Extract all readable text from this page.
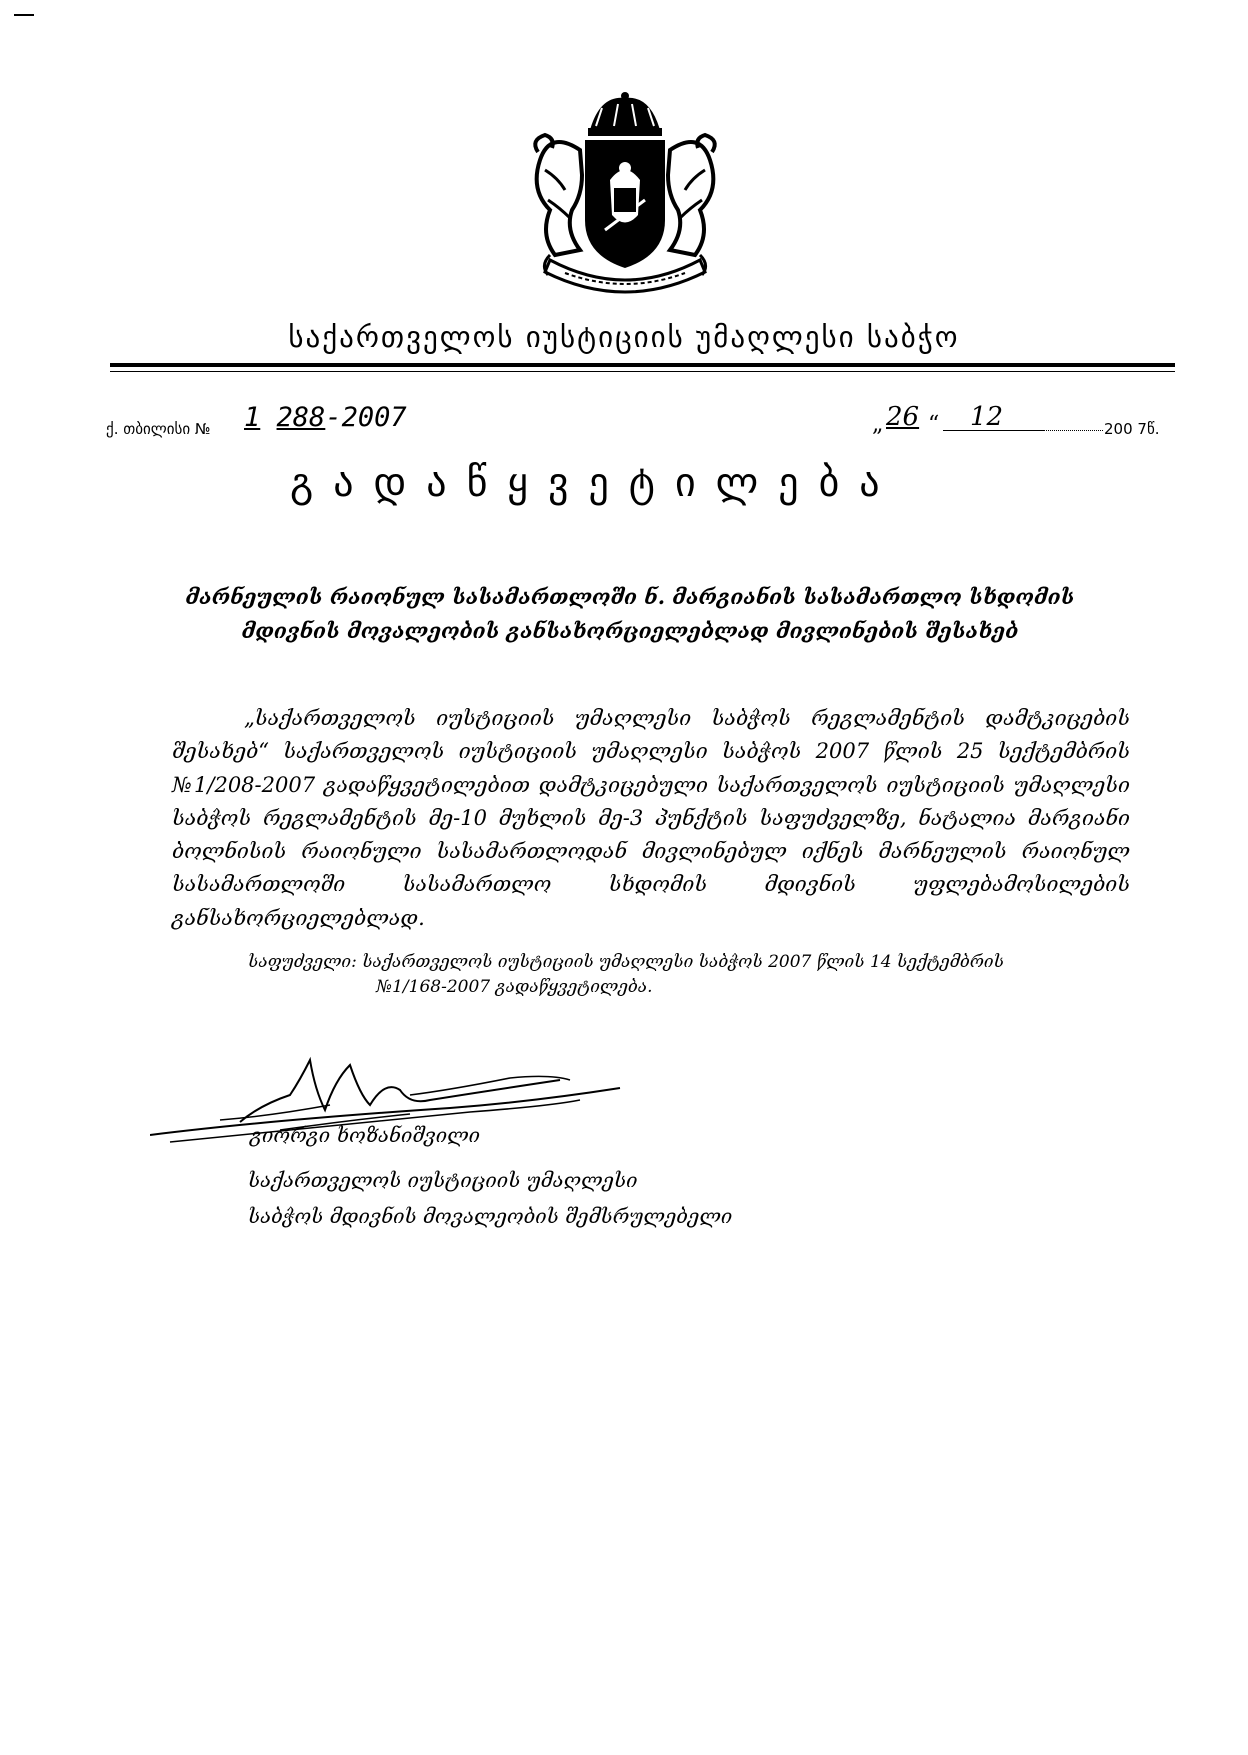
საქართველოს იუსტიციის უმაღლესი საბჭო
ქ. თბილისი № 1 288-2007	„ 26 “ 12	200 7წ.
გადაწყვეტილება
მარნეულის რაიონულ სასამართლოში ნ. მარგიანის სასამართლო სხდომის მდივნის მოვალეობის განსახორციელებლად მივლინების შესახებ
„საქართველოს იუსტიციის უმაღლესი საბჭოს რეგლამენტის დამტკიცების შესახებ“ საქართველოს იუსტიციის უმაღლესი საბჭოს 2007 წლის 25 სექტემბრის №1/208-2007 გადაწყვეტილებით დამტკიცებული საქართველოს იუსტიციის უმაღლესი საბჭოს რეგლამენტის მე-10 მუხლის მე-3 პუნქტის საფუძველზე, ნატალია მარგიანი ბოლნისის რაიონული სასამართლოდან მივლინებულ იქნეს მარნეულის რაიონულ სასამართლოში სასამართლო სხდომის მდივნის უფლებამოსილების განსახორციელებლად.
საფუძველი: საქართველოს იუსტიციის უმაღლესი საბჭოს 2007 წლის 14 სექტემბრის
№1/168-2007 გადაწყვეტილება.
გიორგი ხოზანიშვილი
საქართველოს იუსტიციის უმაღლესი
საბჭოს მდივნის მოვალეობის შემსრულებელი
